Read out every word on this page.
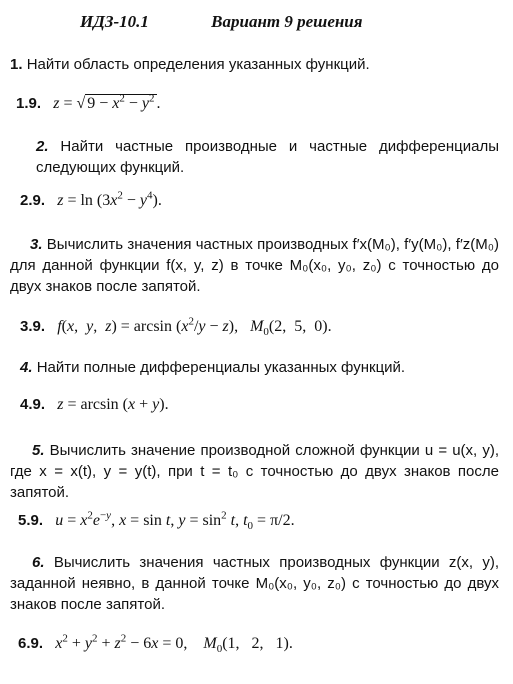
ИДЗ-10.1	Вариант 9 решения
1. Найти область определения указанных функций.
1.9. z = √ $9 - x^2 - y^2$ .
2. Найти частные производные и частные дифференциалы следующих функций.
2.9. $z = \ln (3x^2 - y^4)$.
3. Вычислить значения частных производных f′x(M₀), f′y(M₀), f′z(M₀) для данной функции f(x, y, z) в точке M₀(x₀, y₀, z₀) с точностью до двух знаков после запятой.
3.9. f(x,  y,  $z) = \arcsin (x^2/y - z)$,   $M_0(2$,  5,  0).
4. Найти полные дифференциалы указанных функций.
4.9. z = arcsin (x + y).
5. Вычислить значение производной сложной функции u = u(x, y), где x = x(t), y = y(t), при t = t₀ с точностью до двух знаков после запятой.
5.9. $u = x^2e^{-y}$, x = sin t, $y = \sin^2 t$, $t_0 = \pi/2$.
6. Вычислить значения частных производных функции z(x, y), заданной неявно, в данной точке M₀(x₀, y₀, z₀) с точностью до двух знаков после запятой.
6.9. $x^2 + y^2 + z^2 - 6x = 0$,    $M_0(1$,   2,   1).
